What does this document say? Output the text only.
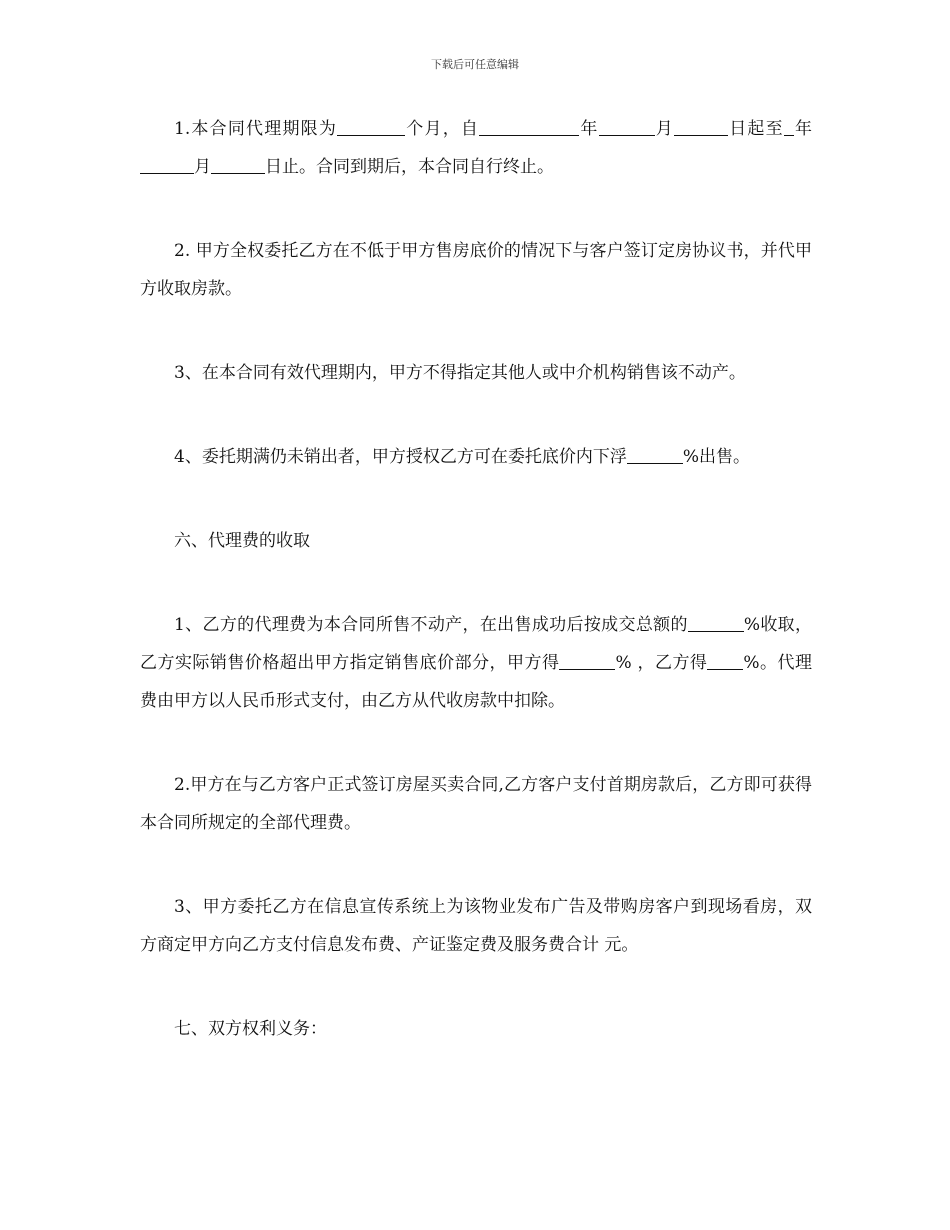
下载后可任意编辑

1.本合同代理期限为	个月，自	年	月	日起至 年月	日止。合同到期后，本合同自行终止。

2. 甲方全权委托乙方在不低于甲方售房底价的情况下与客户签订定房协议书，并代甲方收取房款。

3、在本合同有效代理期内，甲方不得指定其他人或中介机构销售该不动产。

4、委托期满仍未销出者，甲方授权乙方可在委托底价内下浮	%出售。

六、代理费的收取

1、乙方的代理费为本合同所售不动产，在出售成功后按成交总额的	%收取，乙方实际销售价格超出甲方指定销售底价部分，甲方得	% ，乙方得 %。代理费由甲方以人民币形式支付，由乙方从代收房款中扣除。

2.甲方在与乙方客户正式签订房屋买卖合同,乙方客户支付首期房款后，乙方即可获得本合同所规定的全部代理费。

3、甲方委托乙方在信息宣传系统上为该物业发布广告及带购房客户到现场看房，双方商定甲方向乙方支付信息发布费、产证鉴定费及服务费合计 元。

七、双方权利义务：
